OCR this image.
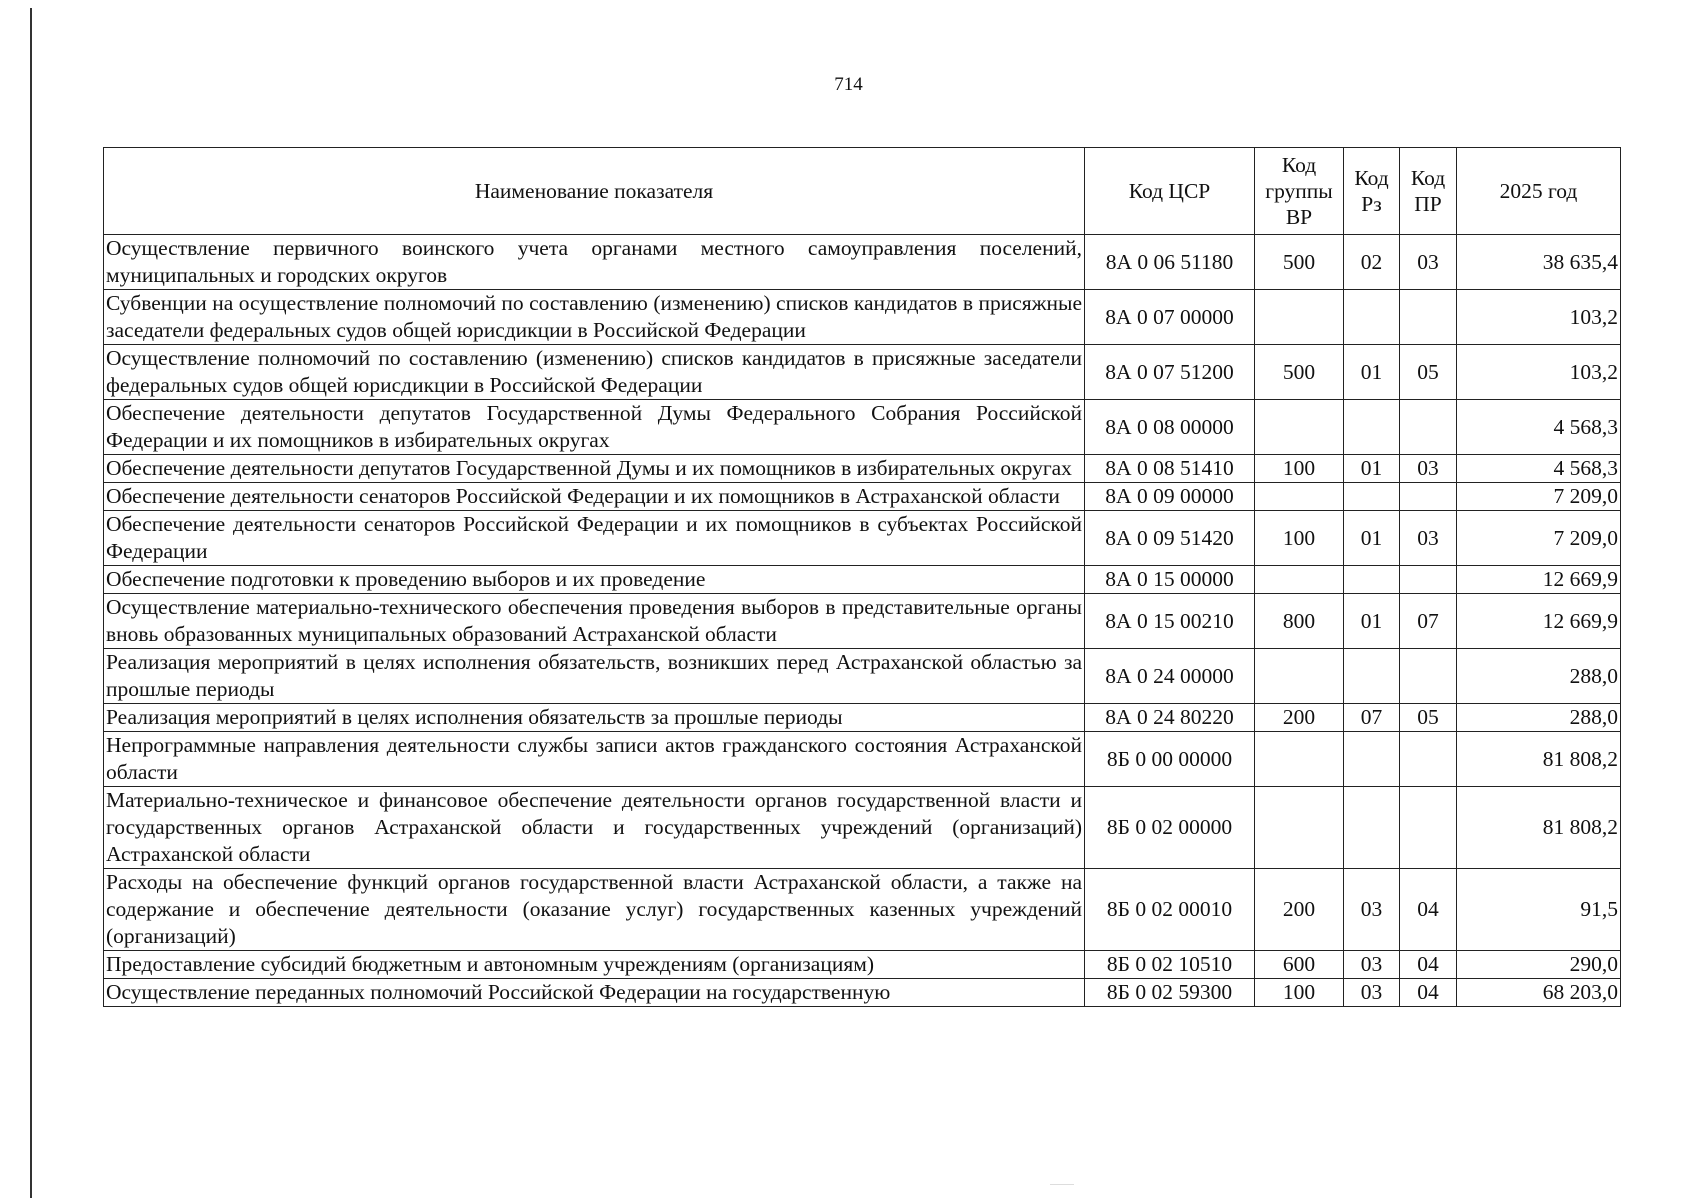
714
Наименование показателя	Код ЦСР	Код группы ВР	Код Рз	Код ПР	2025 год
Осуществление первичного воинского учета органами местного самоуправления поселений, муниципальных и городских округов	8А 0 06 51180	500	02	03	38 635,4
Субвенции на осуществление полномочий по составлению (изменению) списков кандидатов в присяжные заседатели федеральных судов общей юрисдикции в Российской Федерации	8А 0 07 00000				103,2
Осуществление полномочий по составлению (изменению) списков кандидатов в присяжные заседатели федеральных судов общей юрисдикции в Российской Федерации	8А 0 07 51200	500	01	05	103,2
Обеспечение деятельности депутатов Государственной Думы Федерального Собрания Российской Федерации и их помощников в избирательных округах	8А 0 08 00000				4 568,3
Обеспечение деятельности депутатов Государственной Думы и их помощников в избирательных округах	8А 0 08 51410	100	01	03	4 568,3
Обеспечение деятельности сенаторов Российской Федерации и их помощников в Астраханской области	8А 0 09 00000				7 209,0
Обеспечение деятельности сенаторов Российской Федерации и их помощников в субъектах Российской Федерации	8А 0 09 51420	100	01	03	7 209,0
Обеспечение подготовки к проведению выборов и их проведение	8А 0 15 00000				12 669,9
Осуществление материально-технического обеспечения проведения выборов в представительные органы вновь образованных муниципальных образований Астраханской области	8А 0 15 00210	800	01	07	12 669,9
Реализация мероприятий в целях исполнения обязательств, возникших перед Астраханской областью за прошлые периоды	8А 0 24 00000				288,0
Реализация мероприятий в целях исполнения обязательств за прошлые периоды	8А 0 24 80220	200	07	05	288,0
Непрограммные направления деятельности службы записи актов гражданского состояния Астраханской области	8Б 0 00 00000				81 808,2
Материально-техническое и финансовое обеспечение деятельности органов государственной власти и государственных органов Астраханской области и государственных учреждений (организаций) Астраханской области	8Б 0 02 00000				81 808,2
Расходы на обеспечение функций органов государственной власти Астраханской области, а также на содержание и обеспечение деятельности (оказание услуг) государственных казенных учреждений (организаций)	8Б 0 02 00010	200	03	04	91,5
Предоставление субсидий бюджетным и автономным учреждениям (организациям)	8Б 0 02 10510	600	03	04	290,0
Осуществление переданных полномочий Российской Федерации на государственную	8Б 0 02 59300	100	03	04	68 203,0
